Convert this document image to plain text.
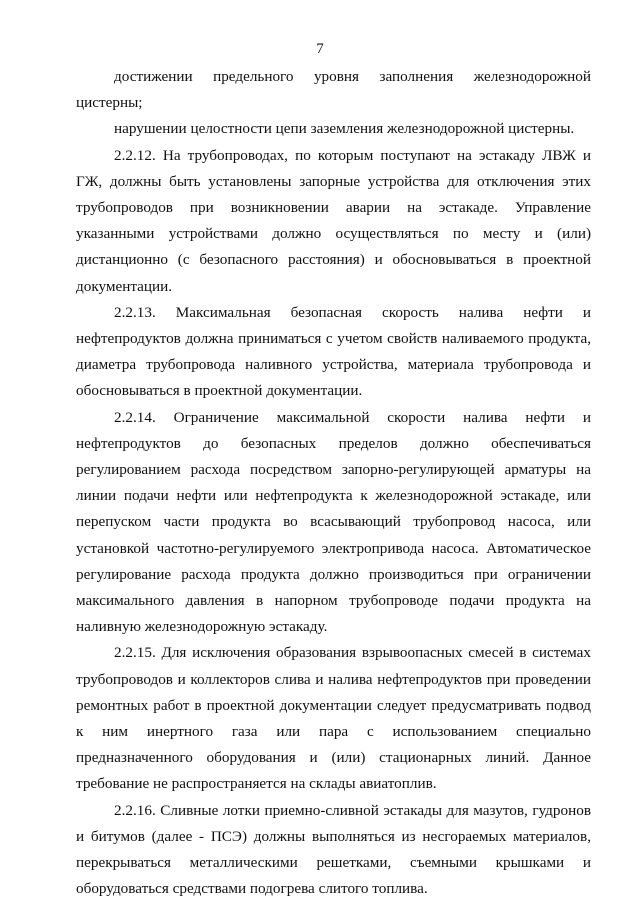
7

достижении предельного уровня заполнения железнодорожной цистерны;

нарушении целостности цепи заземления железнодорожной цистерны.

2.2.12. На трубопроводах, по которым поступают на эстакаду ЛВЖ и ГЖ, должны быть установлены запорные устройства для отключения этих трубопроводов при возникновении аварии на эстакаде. Управление указанными устройствами должно осуществляться по месту и (или) дистанционно (с безопасного расстояния) и обосновываться в проектной документации.

2.2.13. Максимальная безопасная скорость налива нефти и нефтепродуктов должна приниматься с учетом свойств наливаемого продукта, диаметра трубопровода наливного устройства, материала трубопровода и обосновываться в проектной документации.

2.2.14. Ограничение максимальной скорости налива нефти и нефтепродуктов до безопасных пределов должно обеспечиваться регулированием расхода посредством запорно-регулирующей арматуры на линии подачи нефти или нефтепродукта к железнодорожной эстакаде, или перепуском части продукта во всасывающий трубопровод насоса, или установкой частотно-регулируемого электропривода насоса. Автоматическое регулирование расхода продукта должно производиться при ограничении максимального давления в напорном трубопроводе подачи продукта на наливную железнодорожную эстакаду.

2.2.15. Для исключения образования взрывоопасных смесей в системах трубопроводов и коллекторов слива и налива нефтепродуктов при проведении ремонтных работ в проектной документации следует предусматривать подвод к ним инертного газа или пара с использованием специально предназначенного оборудования и (или) стационарных линий. Данное требование не распространяется на склады авиатоплив.

2.2.16. Сливные лотки приемно-сливной эстакады для мазутов, гудронов и битумов (далее - ПСЭ) должны выполняться из несгораемых материалов, перекрываться металлическими решетками, съемными крышками и оборудоваться средствами подогрева слитого топлива.
